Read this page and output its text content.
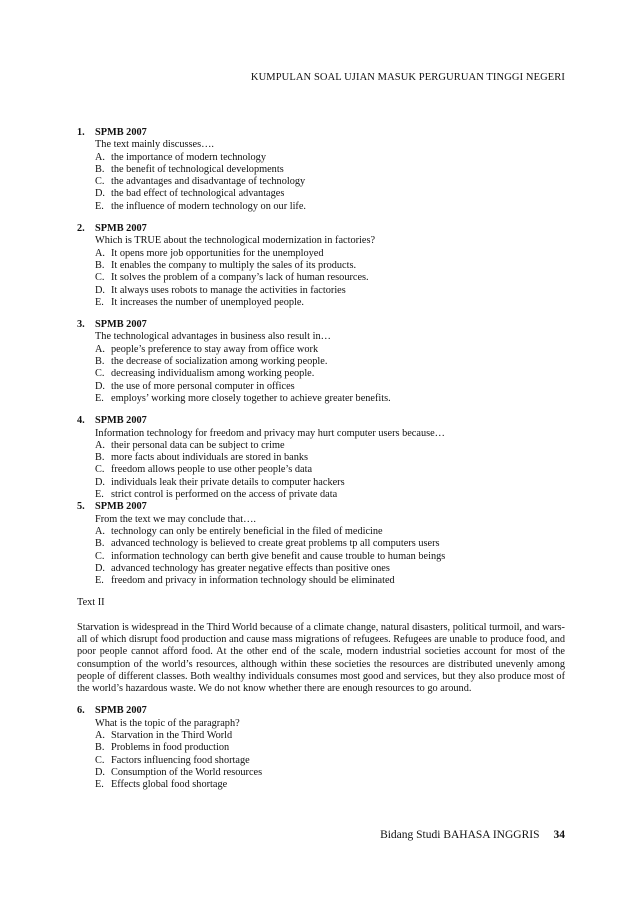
KUMPULAN SOAL UJIAN MASUK PERGURUAN TINGGI NEGERI
1. SPMB 2007
The text mainly discusses….
A. the importance of modern technology
B. the benefit of technological developments
C. the advantages and disadvantage of technology
D. the bad effect of technological advantages
E. the influence of modern technology on our life.
2. SPMB 2007
Which is TRUE about the technological modernization in factories?
A. It opens more job opportunities for the unemployed
B. It enables the company to multiply the sales of its products.
C. It solves the problem of a company’s lack of human resources.
D. It always uses robots to manage the activities in factories
E. It increases the number of unemployed people.
3. SPMB 2007
The technological advantages in business also result in…
A. people’s preference to stay away from office work
B. the decrease of socialization among working people.
C. decreasing individualism among working people.
D. the use of more personal computer in offices
E. employs’ working more closely together to achieve greater benefits.
4. SPMB 2007
Information technology for freedom and privacy may hurt computer users because…
A. their personal data can be subject to crime
B. more facts about individuals are stored in banks
C. freedom allows people to use other people’s data
D. individuals leak their private details to computer hackers
E. strict control is performed on the access of private data
5. SPMB 2007
From the text we may conclude that….
A. technology can only be entirely beneficial in the filed of medicine
B. advanced technology is believed to create great problems tp all computers users
C. information technology can berth give benefit and cause trouble to human beings
D. advanced technology has greater negative effects than positive ones
E. freedom and privacy in information technology should be eliminated
Text II
Starvation is widespread in the Third World because of a climate change, natural disasters, political turmoil, and wars-all of which disrupt food production and cause mass migrations of refugees. Refugees are unable to produce food, and poor people cannot afford food. At the other end of the scale, modern industrial societies account for most of the consumption of the world’s resources, although within these societies the resources are distributed unevenly among people of different classes. Both wealthy individuals consumes most good and services, but they also produce most of the world’s hazardous waste. We do not know whether there are enough resources to go around.
6. SPMB 2007
What is the topic of the paragraph?
A. Starvation in the Third World
B. Problems in food production
C. Factors influencing food shortage
D. Consumption of the World resources
E. Effects global food shortage
Bidang Studi BAHASA INGGRIS 34
